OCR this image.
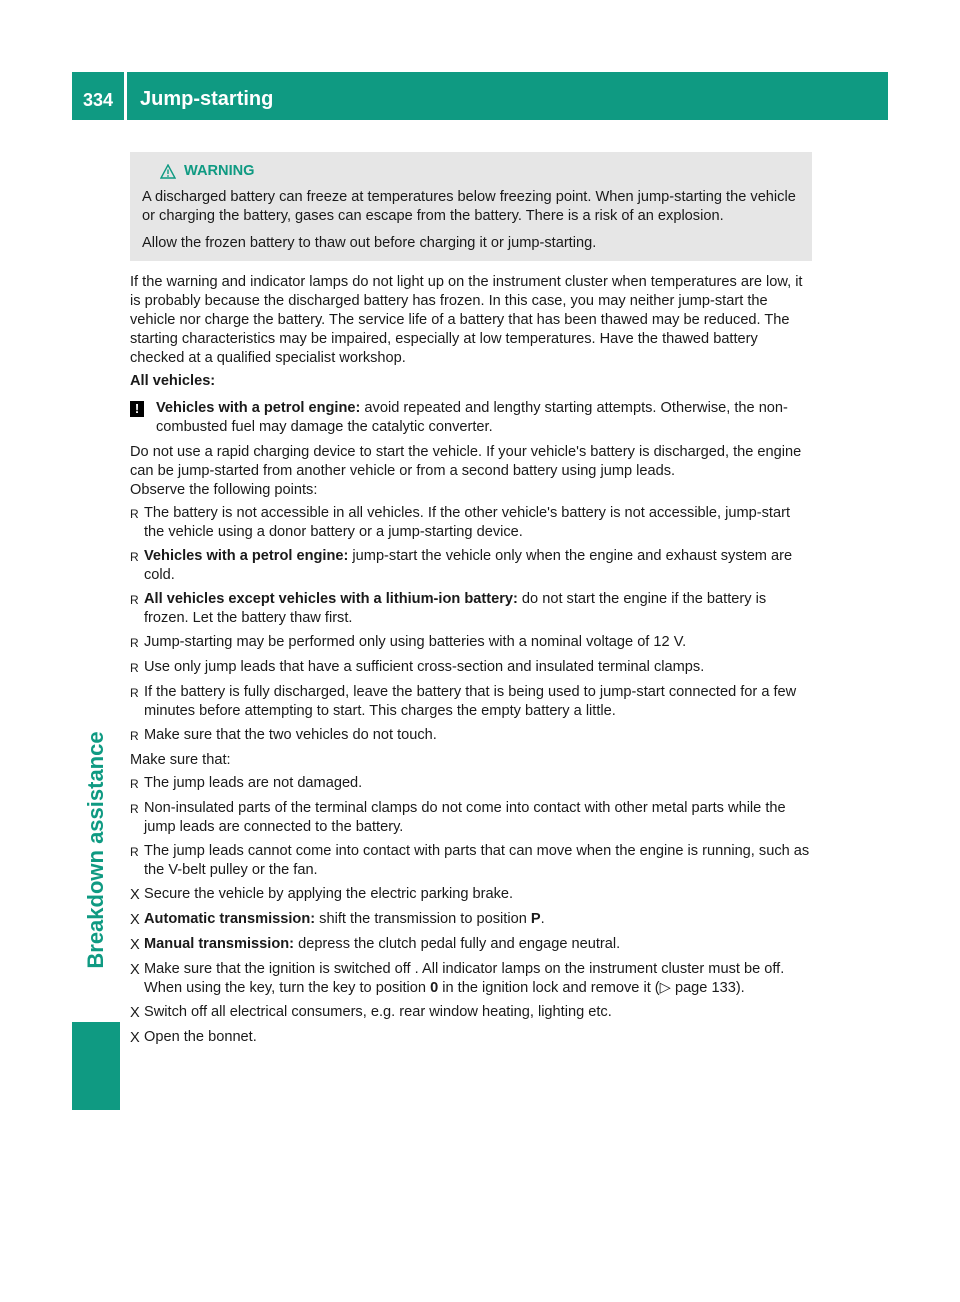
334	Jump-starting
Breakdown assistance
WARNING

A discharged battery can freeze at temperatures below freezing point. When jump-starting the vehicle or charging the battery, gases can escape from the battery. There is a risk of an explosion.

Allow the frozen battery to thaw out before charging it or jump-starting.

If the warning and indicator lamps do not light up on the instrument cluster when temperatures are low, it is probably because the discharged battery has frozen. In this case, you may neither jump-start the vehicle nor charge the battery. The service life of a battery that has been thawed may be reduced. The starting characteristics may be impaired, especially at low temperatures. Have the thawed battery checked at a qualified specialist workshop.

All vehicles:

!	Vehicles with a petrol engine: avoid repeated and lengthy starting attempts. Otherwise, the non-combusted fuel may damage the catalytic converter.

Do not use a rapid charging device to start the vehicle. If your vehicle's battery is discharged, the engine can be jump-started from another vehicle or from a second battery using jump leads.

Observe the following points:

R The battery is not accessible in all vehicles. If the other vehicle's battery is not accessible, jump-start the vehicle using a donor battery or a jump-starting device.
R Vehicles with a petrol engine: jump-start the vehicle only when the engine and exhaust system are cold.
R All vehicles except vehicles with a lithium-ion battery: do not start the engine if the battery is frozen. Let the battery thaw first.
R Jump-starting may be performed only using batteries with a nominal voltage of 12 V.
R Use only jump leads that have a sufficient cross-section and insulated terminal clamps.
R If the battery is fully discharged, leave the battery that is being used to jump-start connected for a few minutes before attempting to start. This charges the empty battery a little.
R Make sure that the two vehicles do not touch.

Make sure that:

R The jump leads are not damaged.
R Non-insulated parts of the terminal clamps do not come into contact with other metal parts while the jump leads are connected to the battery.
R The jump leads cannot come into contact with parts that can move when the engine is running, such as the V-belt pulley or the fan.
X Secure the vehicle by applying the electric parking brake.
X Automatic transmission: shift the transmission to position P.
X Manual transmission: depress the clutch pedal fully and engage neutral.
X Make sure that the ignition is switched off . All indicator lamps on the instrument cluster must be off. When using the key, turn the key to position 0 in the ignition lock and remove it (▷ page 133).
X Switch off all electrical consumers, e.g. rear window heating, lighting etc.
X Open the bonnet.
